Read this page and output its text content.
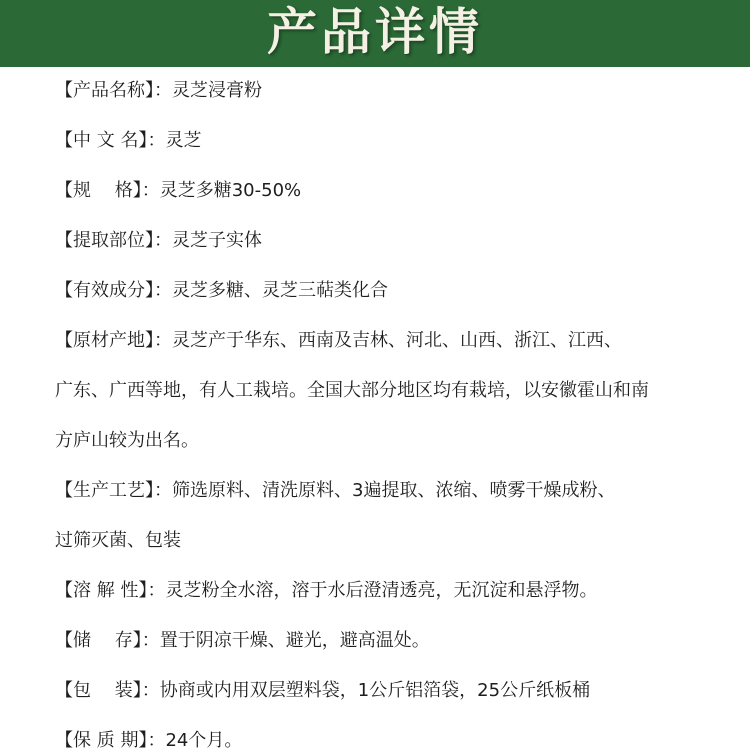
产品详情
【产品名称】：灵芝浸膏粉
【中 文 名】：灵芝
【规　 格】：灵芝多糖30-50%
【提取部位】：灵芝子实体
【有效成分】：灵芝多糖、灵芝三萜类化合
【原材产地】：灵芝产于华东、西南及吉林、河北、山西、浙江、江西、
广东、广西等地，有人工栽培。全国大部分地区均有栽培，以安徽霍山和南
方庐山较为出名。
【生产工艺】：筛选原料、清洗原料、3遍提取、浓缩、喷雾干燥成粉、
过筛灭菌、包装
【溶 解 性】：灵芝粉全水溶，溶于水后澄清透亮，无沉淀和悬浮物。
【储　 存】：置于阴凉干燥、避光，避高温处。
【包　 装】：协商或内用双层塑料袋，1公斤铝箔袋，25公斤纸板桶
【保 质 期】：24个月。
